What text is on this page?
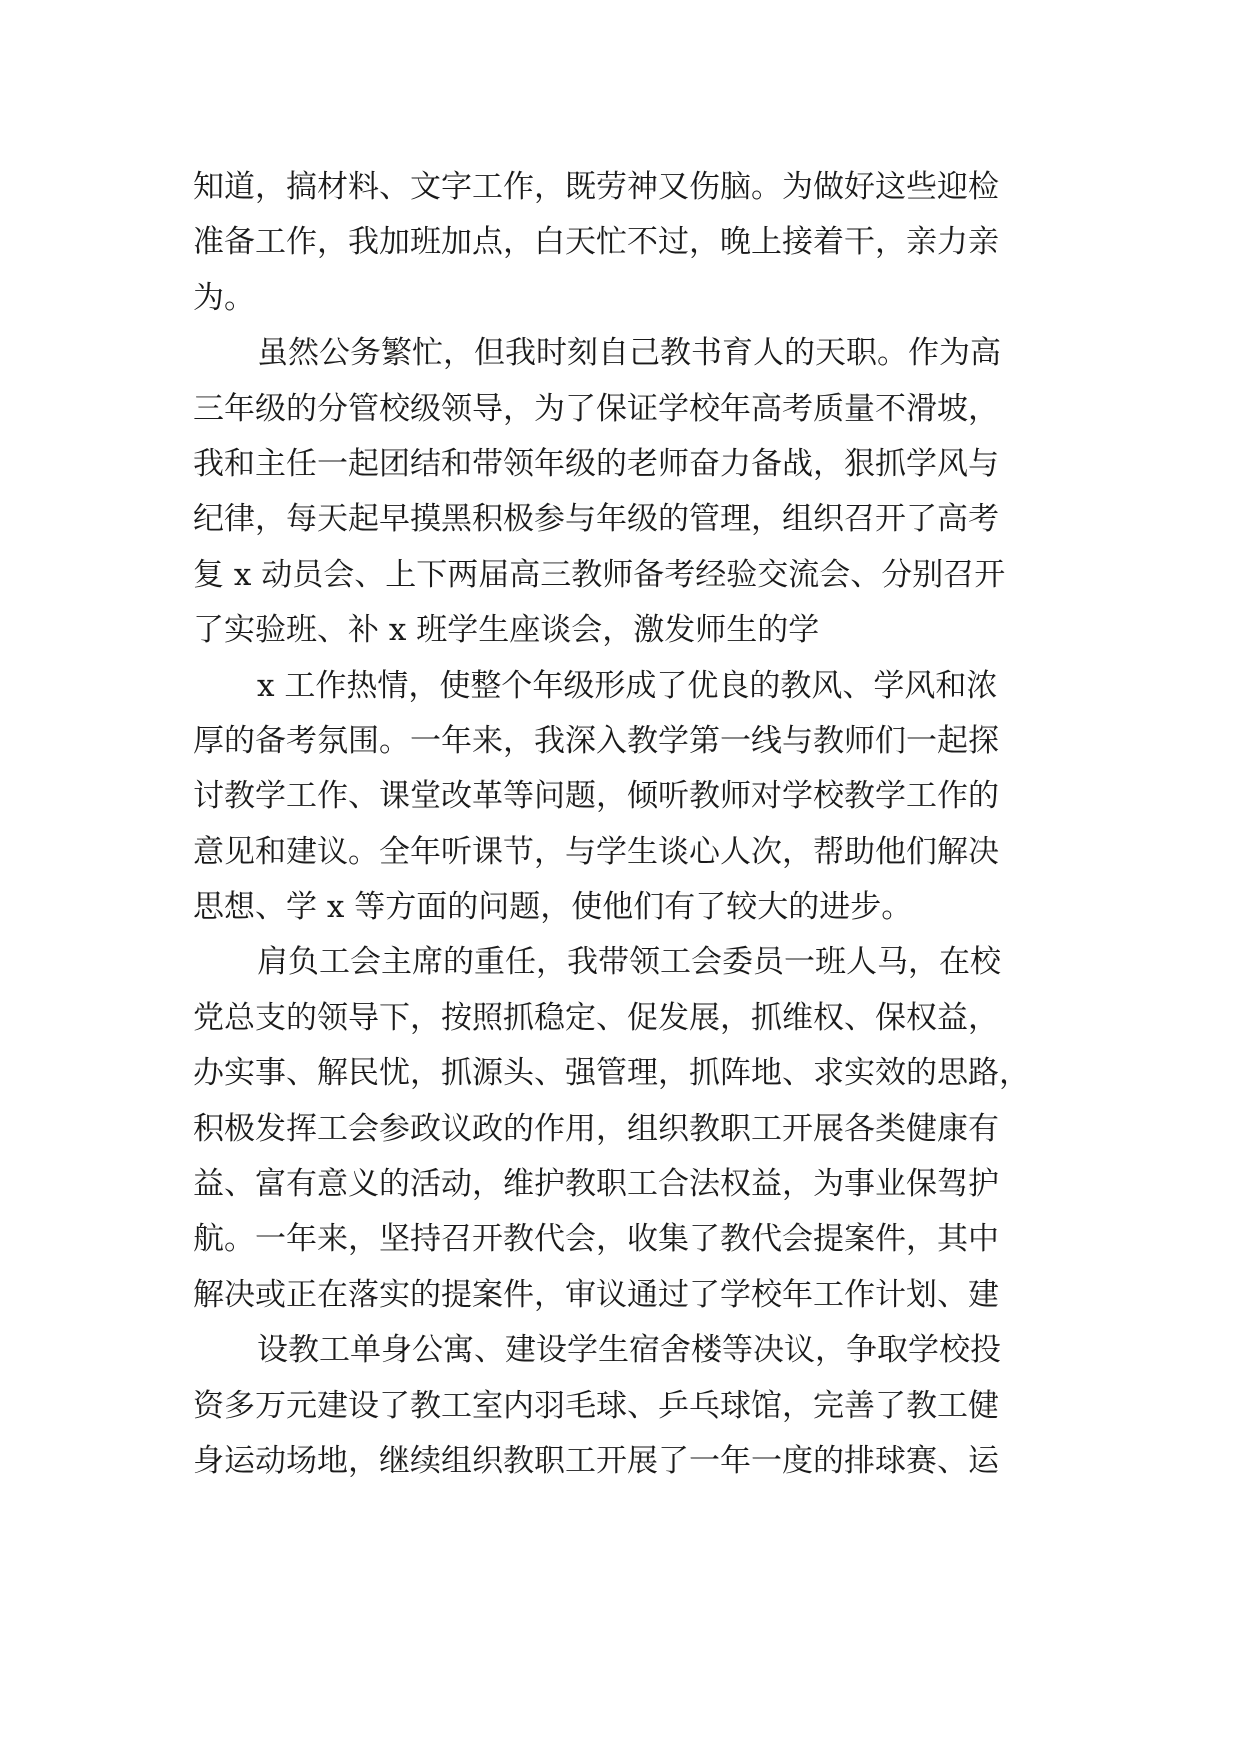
知道，搞材料、文字工作，既劳神又伤脑。为做好这些迎检
准备工作，我加班加点，白天忙不过，晚上接着干，亲力亲
为。
虽然公务繁忙，但我时刻自己教书育人的天职。作为高
三年级的分管校级领导，为了保证学校年高考质量不滑坡，
我和主任一起团结和带领年级的老师奋力备战，狠抓学风与
纪律，每天起早摸黑积极参与年级的管理，组织召开了高考
复 x 动员会、上下两届高三教师备考经验交流会、分别召开
了实验班、补 x 班学生座谈会，激发师生的学
x 工作热情，使整个年级形成了优良的教风、学风和浓
厚的备考氛围。一年来，我深入教学第一线与教师们一起探
讨教学工作、课堂改革等问题，倾听教师对学校教学工作的
意见和建议。全年听课节，与学生谈心人次，帮助他们解决
思想、学 x 等方面的问题，使他们有了较大的进步。
肩负工会主席的重任，我带领工会委员一班人马，在校
党总支的领导下，按照抓稳定、促发展，抓维权、保权益，
办实事、解民忧，抓源头、强管理，抓阵地、求实效的思路，
积极发挥工会参政议政的作用，组织教职工开展各类健康有
益、富有意义的活动，维护教职工合法权益，为事业保驾护
航。一年来，坚持召开教代会，收集了教代会提案件，其中
解决或正在落实的提案件，审议通过了学校年工作计划、建
设教工单身公寓、建设学生宿舍楼等决议，争取学校投
资多万元建设了教工室内羽毛球、乒乓球馆，完善了教工健
身运动场地，继续组织教职工开展了一年一度的排球赛、运
